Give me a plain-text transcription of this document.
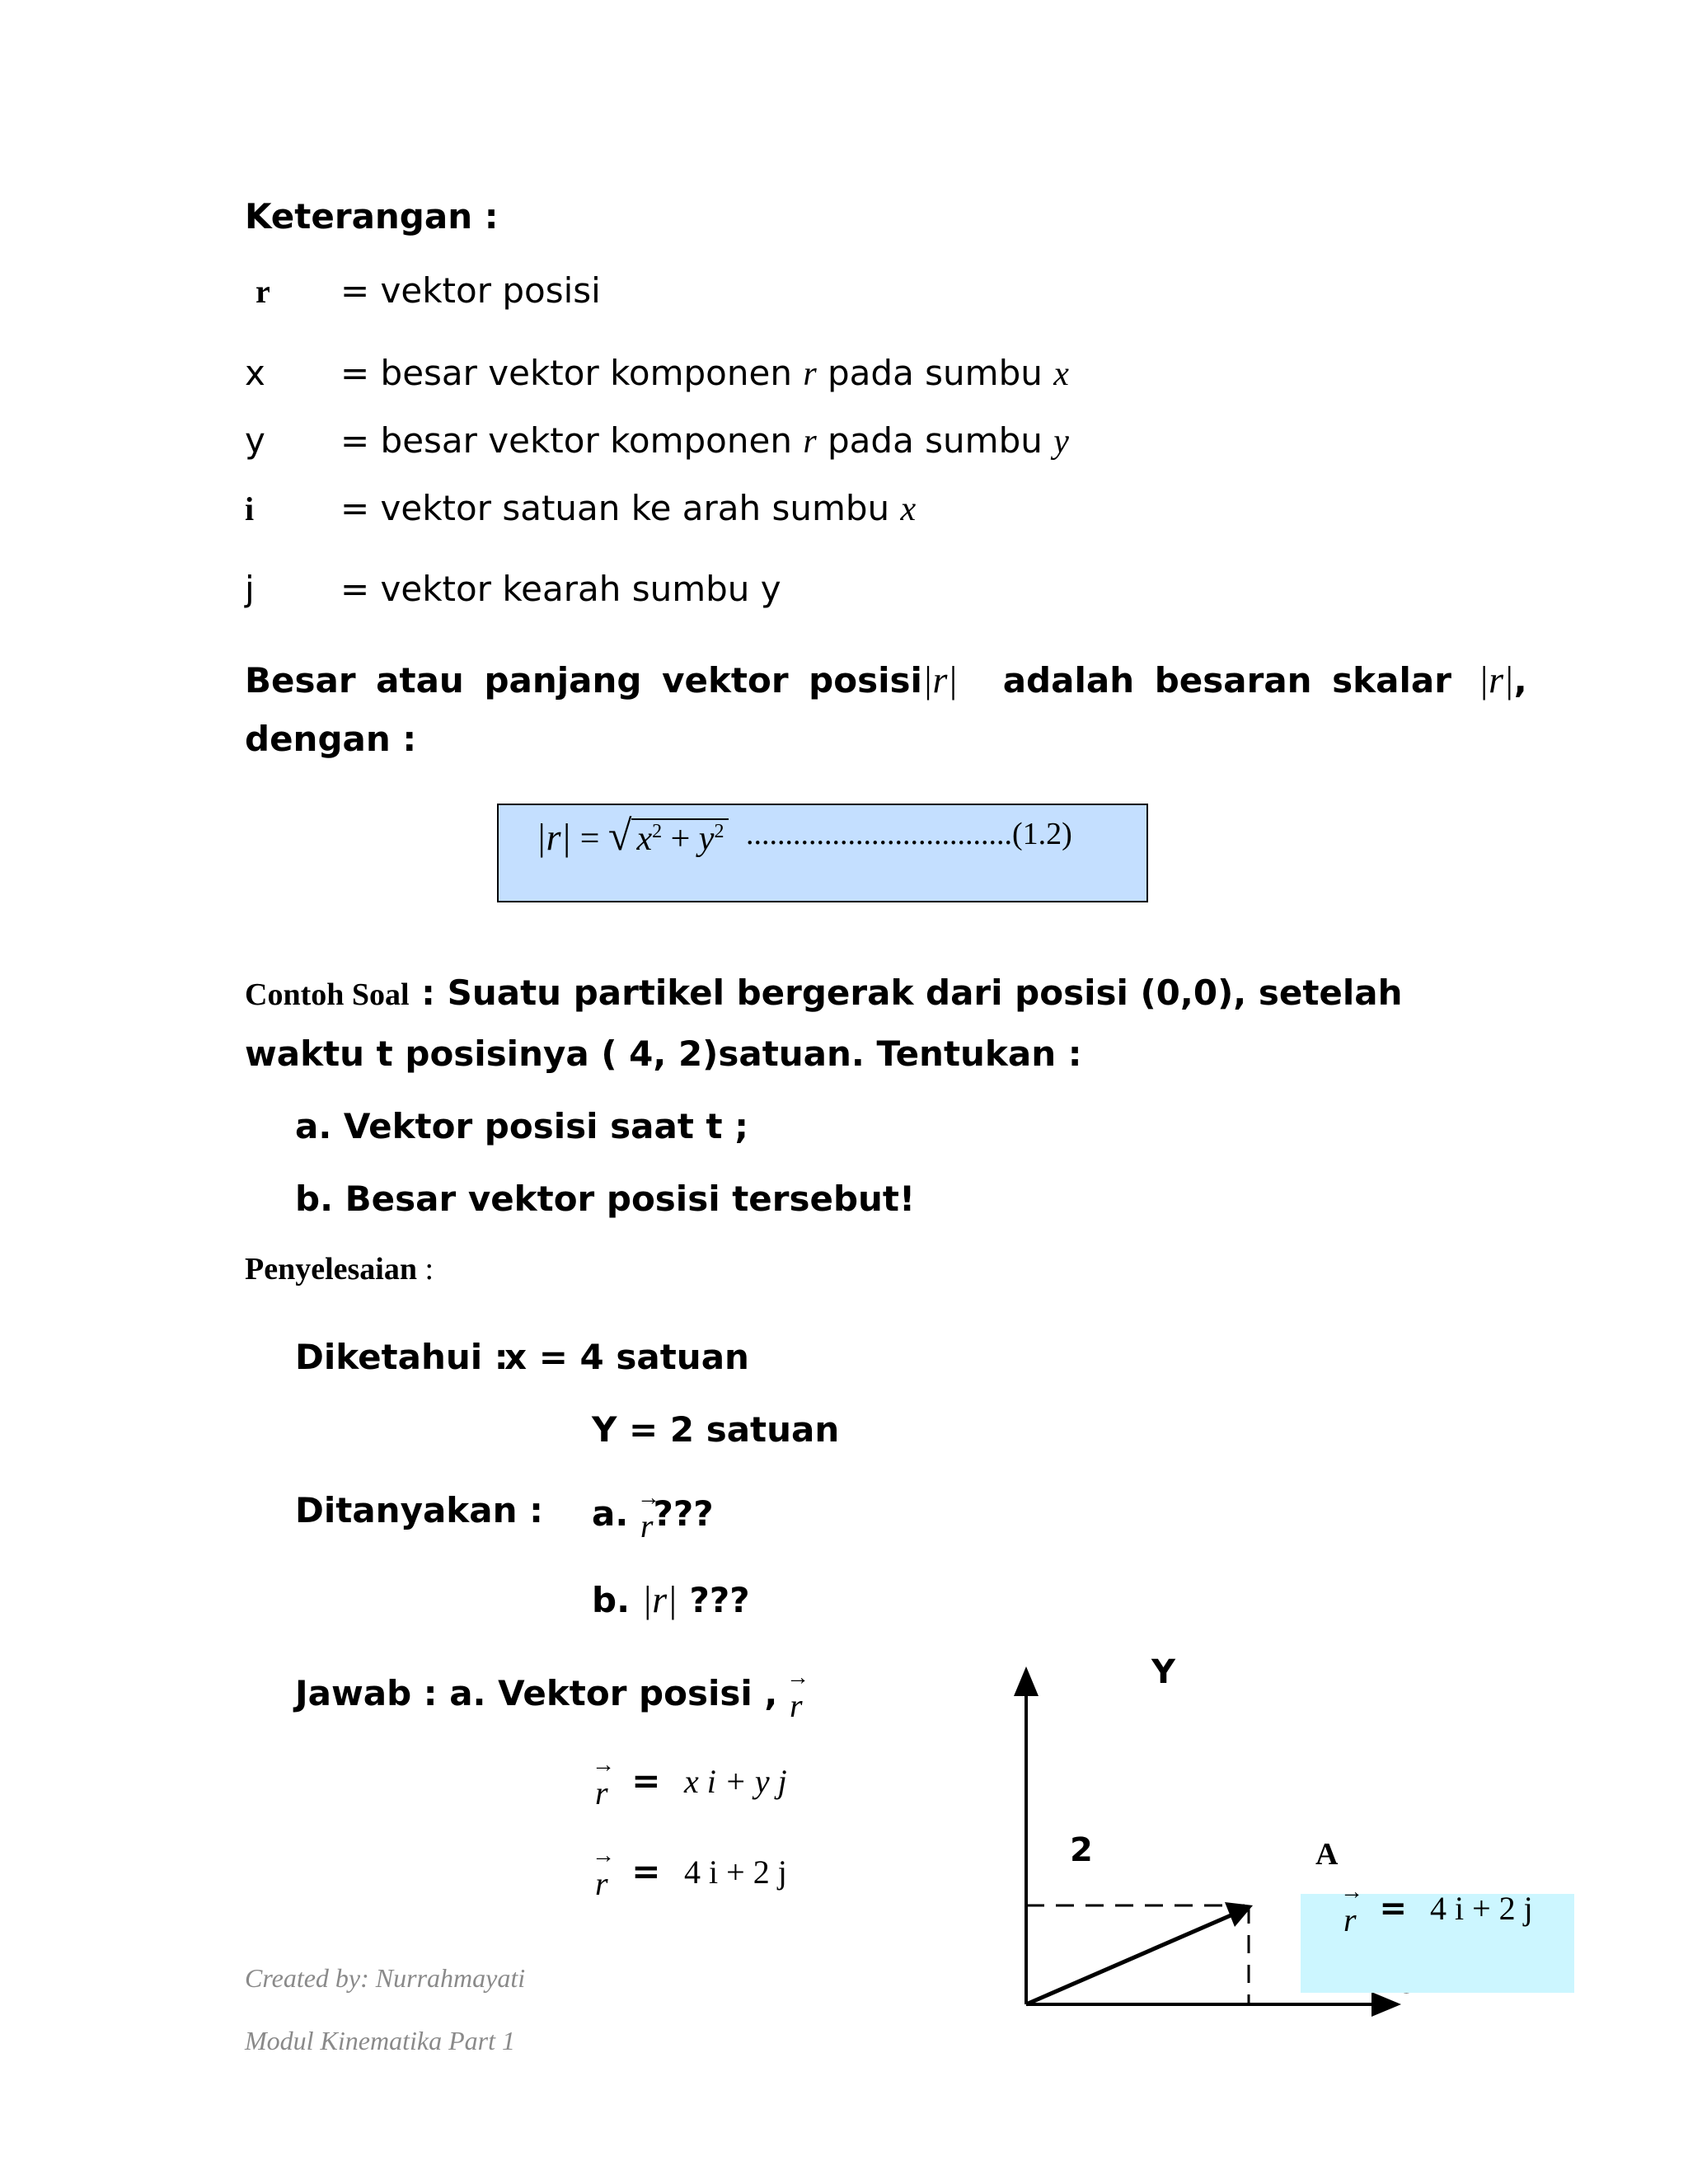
Keterangan :
r = vektor posisi
x = besar vektor komponen r pada sumbu x
y = besar vektor komponen r pada sumbu y
i = vektor satuan ke arah sumbu x
j = vektor kearah sumbu y
Besar atau panjang vektor posisi|r| adalah besaran skalar |r|,
dengan :
|r| = √ $x^2 + y^2$ ..................................(1.2)
Contoh Soal : Suatu partikel bergerak dari posisi (0,0), setelah
waktu t posisinya ( 4, 2)satuan. Tentukan :
a. Vektor posisi saat t ;
b. Besar vektor posisi tersebut!
Penyelesaian :
Diketahui :
x = 4 satuan
Y = 2 satuan
Ditanyakan : a. →
r???
b. |r| ???
Jawab : a. Vektor posisi , →
r
→
r = x i + y j
→
r = 4 i + 2 j
Y
2	A
→
r = 4 i + 2 j
Created by: Nurrahmayati
Modul Kinematika Part 1
